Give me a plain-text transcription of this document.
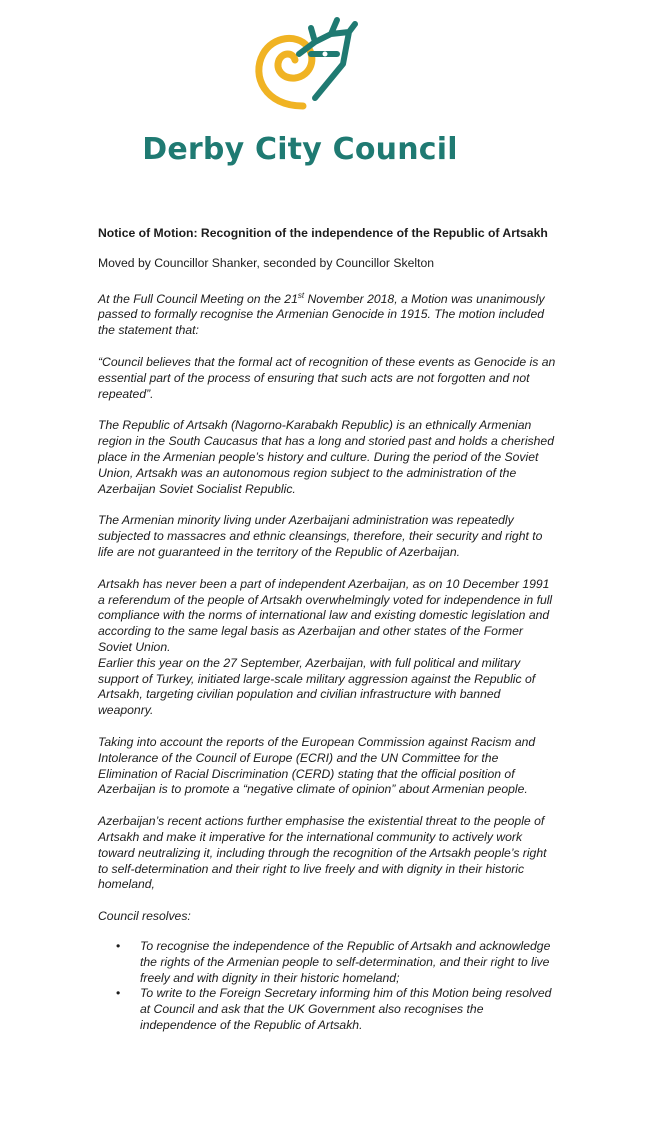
Derby City Council

Notice of Motion: Recognition of the independence of the Republic of Artsakh

Moved by Councillor Shanker, seconded by Councillor Skelton

At the Full Council Meeting on the 21st November 2018, a Motion was unanimously passed to formally recognise the Armenian Genocide in 1915. The motion included the statement that:

“Council believes that the formal act of recognition of these events as Genocide is an essential part of the process of ensuring that such acts are not forgotten and not repeated”.

The Republic of Artsakh (Nagorno-Karabakh Republic) is an ethnically Armenian region in the South Caucasus that has a long and storied past and holds a cherished place in the Armenian people’s history and culture. During the period of the Soviet Union, Artsakh was an autonomous region subject to the administration of the Azerbaijan Soviet Socialist Republic.

The Armenian minority living under Azerbaijani administration was repeatedly subjected to massacres and ethnic cleansings, therefore, their security and right to life are not guaranteed in the territory of the Republic of Azerbaijan.

Artsakh has never been a part of independent Azerbaijan, as on 10 December 1991 a referendum of the people of Artsakh overwhelmingly voted for independence in full compliance with the norms of international law and existing domestic legislation and according to the same legal basis as Azerbaijan and other states of the Former Soviet Union.

Earlier this year on the 27 September, Azerbaijan, with full political and military support of Turkey, initiated large-scale military aggression against the Republic of Artsakh, targeting civilian population and civilian infrastructure with banned weaponry.

Taking into account the reports of the European Commission against Racism and Intolerance of the Council of Europe (ECRI) and the UN Committee for the Elimination of Racial Discrimination (CERD) stating that the official position of Azerbaijan is to promote a “negative climate of opinion” about Armenian people.

Azerbaijan’s recent actions further emphasise the existential threat to the people of Artsakh and make it imperative for the international community to actively work toward neutralizing it, including through the recognition of the Artsakh people’s right to self-determination and their right to live freely and with dignity in their historic homeland,

Council resolves:

• To recognise the independence of the Republic of Artsakh and acknowledge the rights of the Armenian people to self-determination, and their right to live freely and with dignity in their historic homeland;
• To write to the Foreign Secretary informing him of this Motion being resolved at Council and ask that the UK Government also recognises the independence of the Republic of Artsakh.
